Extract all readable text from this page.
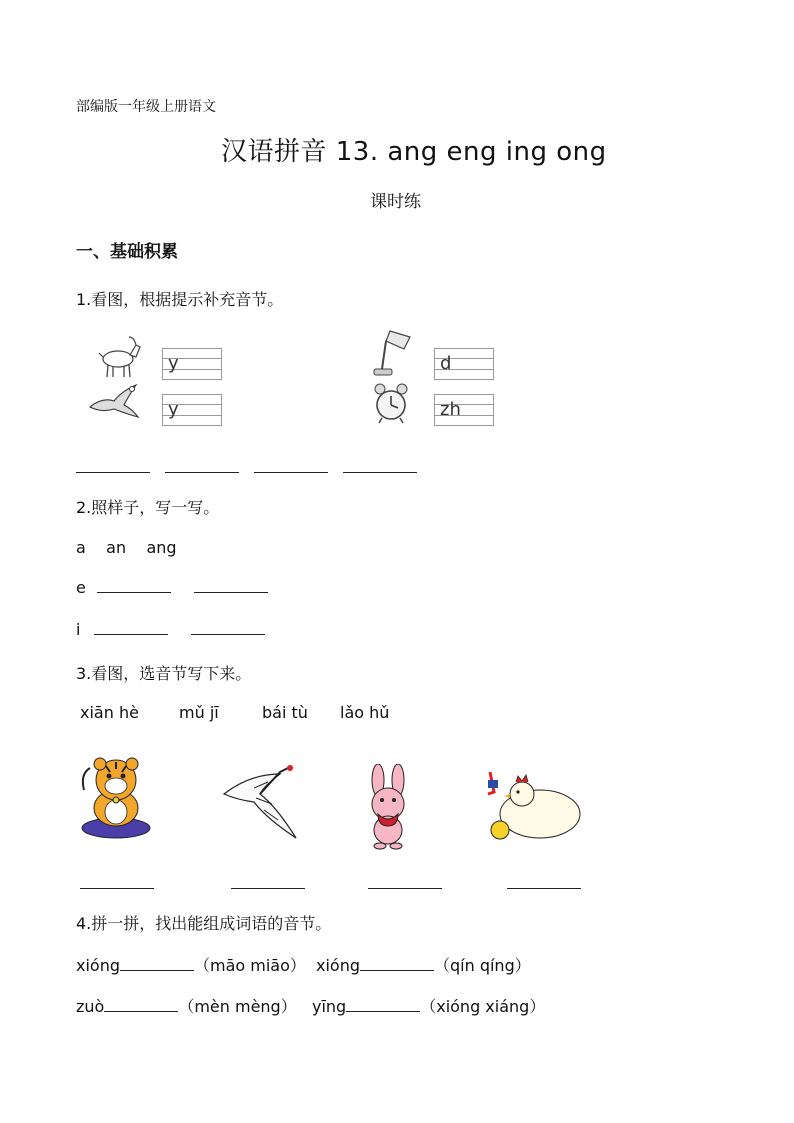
部编版一年级上册语文
汉语拼音 13. ang eng ing ong
课时练
一、基础积累
1.看图，根据提示补充音节。
y
y
d
zh

2.照样子，写一写。
a    an    ang
e
i
3.看图，选音节写下来。
xiān hè	mǔ jī	bái tù lǎo hǔ

4.拼一拼，找出能组成词语的音节。
xióng	（māo miāo） xióng	（qín qíng）
zuò	（mèn mèng） yīng	（xióng xiáng）
